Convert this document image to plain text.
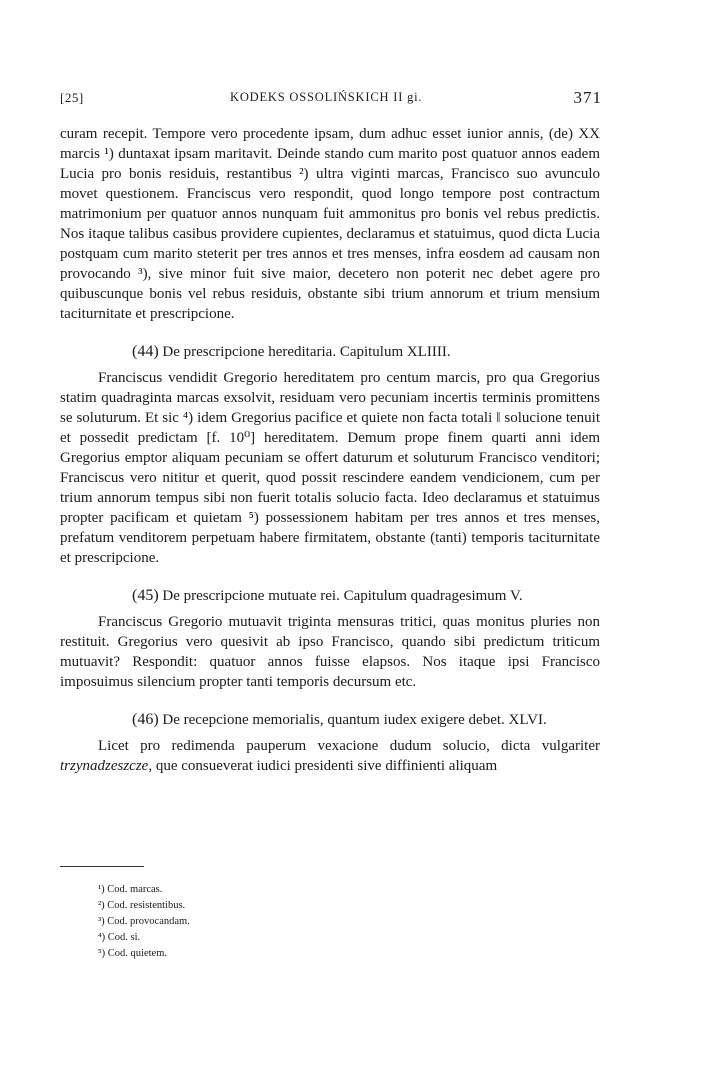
[25]	KODEKS OSSOLIŃSKICH II gi.	371

curam recepit. Tempore vero procedente ipsam, dum adhuc esset iunior annis, (de) XX marcis ¹) duntaxat ipsam maritavit. Deinde stando cum marito post quatuor annos eadem Lucia pro bonis residuis, restantibus ²) ultra viginti marcas, Francisco suo avunculo movet questionem. Franciscus vero respondit, quod longo tempore post contractum matrimonium per quatuor annos nunquam fuit ammonitus pro bonis vel rebus predictis. Nos itaque talibus casibus providere cupientes, declaramus et statuimus, quod dicta Lucia postquam cum marito steterit per tres annos et tres menses, infra eosdem ad causam non provocando ³), sive minor fuit sive maior, decetero non poterit nec debet agere pro quibuscunque bonis vel rebus residuis, obstante sibi trium annorum et trium mensium taciturnitate et prescripcione.

(44) De prescripcione hereditaria. Capitulum XLIIII.

Franciscus vendidit Gregorio hereditatem pro centum marcis, pro qua Gregorius statim quadraginta marcas exsolvit, residuam vero pecuniam incertis terminis promittens se soluturum. Et sic ⁴) idem Gregorius pacifice et quiete non facta totali ‖ solucione tenuit et possedit predictam [f. 10⁰] hereditatem. Demum prope finem quarti anni idem Gregorius emptor aliquam pecuniam se offert daturum et soluturum Francisco venditori; Franciscus vero nititur et querit, quod possit rescindere eandem vendicionem, cum per trium annorum tempus sibi non fuerit totalis solucio facta. Ideo declaramus et statuimus propter pacificam et quietam ⁵) possessionem habitam per tres annos et tres menses, prefatum venditorem perpetuam habere firmitatem, obstante (tanti) temporis taciturnitate et prescripcione.

(45) De prescripcione mutuate rei. Capitulum quadragesimum V.

Franciscus Gregorio mutuavit triginta mensuras tritici, quas monitus pluries non restituit. Gregorius vero quesivit ab ipso Francisco, quando sibi predictum triticum mutuavit? Respondit: quatuor annos fuisse elapsos. Nos itaque ipsi Francisco imposuimus silencium propter tanti temporis decursum etc.

(46) De recepcione memorialis, quantum iudex exigere debet. XLVI.

Licet pro redimenda pauperum vexacione dudum solucio, dicta vulgariter trzynadzeszcze, que consueverat iudici presidenti sive diffinienti aliquam

¹) Cod. marcas.
²) Cod. resistentibus.
³) Cod. provocandam.
⁴) Cod. si.
⁵) Cod. quietem.
